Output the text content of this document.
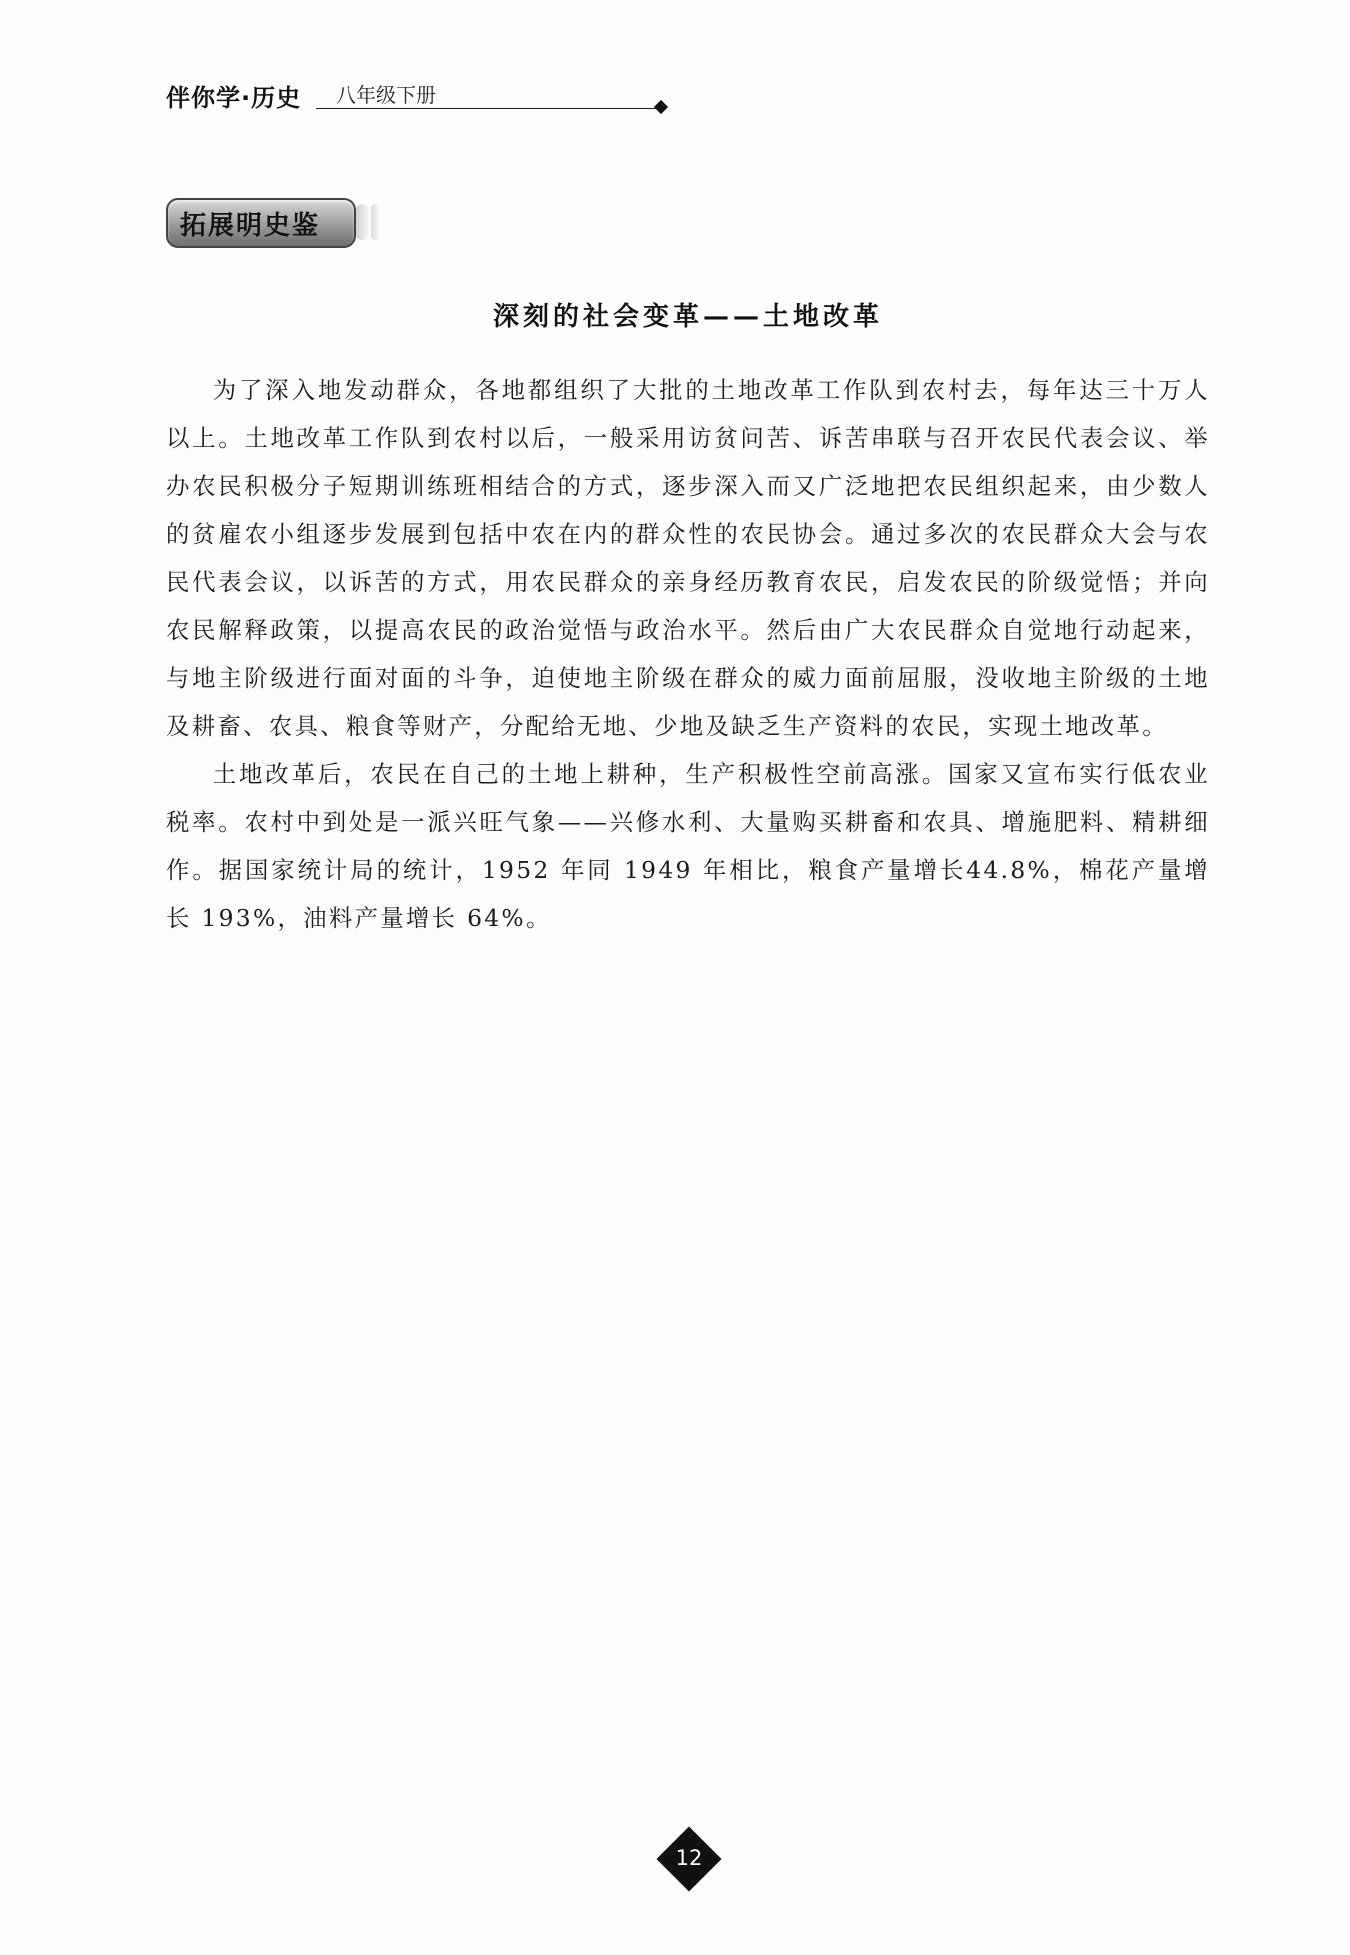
伴你学·历史 八年级下册
拓展明史鉴
深刻的社会变革——土地改革

为了深入地发动群众，各地都组织了大批的土地改革工作队到农村去，每年达三十万人以上。土地改革工作队到农村以后，一般采用访贫问苦、诉苦串联与召开农民代表会议、举办农民积极分子短期训练班相结合的方式，逐步深入而又广泛地把农民组织起来，由少数人的贫雇农小组逐步发展到包括中农在内的群众性的农民协会。通过多次的农民群众大会与农民代表会议，以诉苦的方式，用农民群众的亲身经历教育农民，启发农民的阶级觉悟；并向农民解释政策，以提高农民的政治觉悟与政治水平。然后由广大农民群众自觉地行动起来，与地主阶级进行面对面的斗争，迫使地主阶级在群众的威力面前屈服，没收地主阶级的土地及耕畜、农具、粮食等财产，分配给无地、少地及缺乏生产资料的农民，实现土地改革。

土地改革后，农民在自己的土地上耕种，生产积极性空前高涨。国家又宣布实行低农业税率。农村中到处是一派兴旺气象——兴修水利、大量购买耕畜和农具、增施肥料、精耕细作。据国家统计局的统计，1952 年同 1949 年相比，粮食产量增长44.8%，棉花产量增长 193%，油料产量增长 64%。

12
